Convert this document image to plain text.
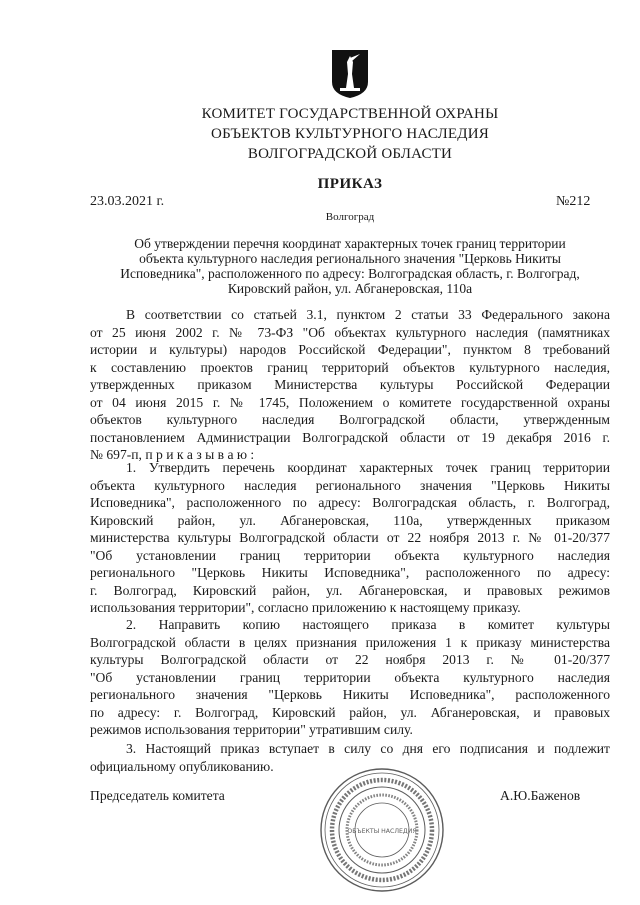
КОМИТЕТ ГОСУДАРСТВЕННОЙ ОХРАНЫ
ОБЪЕКТОВ КУЛЬТУРНОГО НАСЛЕДИЯ
ВОЛГОГРАДСКОЙ ОБЛАСТИ
ПРИКАЗ
23.03.2021 г.	№212
Волгоград
Об утверждении перечня координат характерных точек границ территории
объекта культурного наследия регионального значения "Церковь Никиты
Исповедника", расположенного по адресу: Волгоградская область, г. Волгоград,
Кировский район, ул. Абганеровская, 110а
В соответствии со статьей 3.1, пунктом 2 статьи 33 Федерального закона
от 25 июня 2002 г. № 73-ФЗ "Об объектах культурного наследия (памятниках
истории и культуры) народов Российской Федерации", пунктом 8 требований
к составлению проектов границ территорий объектов культурного наследия,
утвержденных приказом Министерства культуры Российской Федерации
от 04 июня 2015 г. № 1745, Положением о комитете государственной охраны
объектов культурного наследия Волгоградской области, утвержденным
постановлением Администрации Волгоградской области от 19 декабря 2016 г.
№ 697-п, п р и к а з ы в а ю :
1. Утвердить перечень координат характерных точек границ территории
объекта культурного наследия регионального значения "Церковь Никиты
Исповедника", расположенного по адресу: Волгоградская область, г. Волгоград,
Кировский район, ул. Абганеровская, 110а, утвержденных приказом
министерства культуры Волгоградской области от 22 ноября 2013 г. № 01-20/377
"Об установлении границ территории объекта культурного наследия
регионального "Церковь Никиты Исповедника", расположенного по адресу:
г. Волгоград, Кировский район, ул. Абганеровская, и правовых режимов
использования территории", согласно приложению к настоящему приказу.
2. Направить копию настоящего приказа в комитет культуры
Волгоградской области в целях признания приложения 1 к приказу министерства
культуры Волгоградской области от 22 ноября 2013 г. № 01-20/377
"Об установлении границ территории объекта культурного наследия
регионального значения "Церковь Никиты Исповедника", расположенного
по адресу: г. Волгоград, Кировский район, ул. Абганеровская, и правовых
режимов использования территории" утратившим силу.
3. Настоящий приказ вступает в силу со дня его подписания и подлежит
официальному опубликованию.
Председатель комитета	А.Ю.Баженов
ОБЪЕКТЫ НАСЛЕДИЯ
